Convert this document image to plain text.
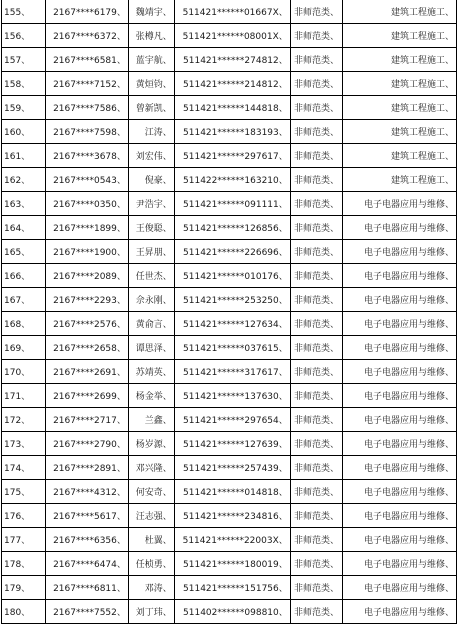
155、	2167****6179、	魏靖宇、	511421******01667X、	非师范类、	建筑工程施工、
156、	2167****6372、	张樽凡、	511421******08001X、	非师范类、	建筑工程施工、
157、	2167****6581、	蓝宇航、	511421******274812、	非师范类、	建筑工程施工、
158、	2167****7152、	黄烜钧、	511421******214812、	非师范类、	建筑工程施工、
159、	2167****7586、	曾新凯、	511421******144818、	非师范类、	建筑工程施工、
160、	2167****7598、	江涛、	511421******183193、	非师范类、	建筑工程施工、
161、	2167****3678、	刘宏伟、	511421******297617、	非师范类、	建筑工程施工、
162、	2167****0543、	倪豪、	511422******163210、	非师范类、	建筑工程施工、
163、	2167****0350、	尹浩宇、	511421******091111、	非师范类、	电子电器应用与维修、
164、	2167****1899、	王俊聪、	511421******126856、	非师范类、	电子电器应用与维修、
165、	2167****1900、	王昇朋、	511421******226696、	非师范类、	电子电器应用与维修、
166、	2167****2089、	任世杰、	511421******010176、	非师范类、	电子电器应用与维修、
167、	2167****2293、	佘永刚、	511421******253250、	非师范类、	电子电器应用与维修、
168、	2167****2576、	黄俞言、	511421******127634、	非师范类、	电子电器应用与维修、
169、	2167****2658、	谭思泽、	511421******037615、	非师范类、	电子电器应用与维修、
170、	2167****2691、	苏靖英、	511421******317617、	非师范类、	电子电器应用与维修、
171、	2167****2699、	杨金举、	511421******137630、	非师范类、	电子电器应用与维修、
172、	2167****2717、	兰鑫、	511421******297654、	非师范类、	电子电器应用与维修、
173、	2167****2790、	杨岁源、	511421******127639、	非师范类、	电子电器应用与维修、
174、	2167****2891、	邓兴隆、	511421******257439、	非师范类、	电子电器应用与维修、
175、	2167****4312、	何安奇、	511421******014818、	非师范类、	电子电器应用与维修、
176、	2167****5617、	汪志强、	511421******234816、	非师范类、	电子电器应用与维修、
177、	2167****6356、	杜翼、	511421******22003X、	非师范类、	电子电器应用与维修、
178、	2167****6474、	任桢勇、	511421******180019、	非师范类、	电子电器应用与维修、
179、	2167****6811、	邓涛、	511421******151756、	非师范类、	电子电器应用与维修、
180、	2167****7552、	刘丁玮、	511402******098810、	非师范类、	电子电器应用与维修、
